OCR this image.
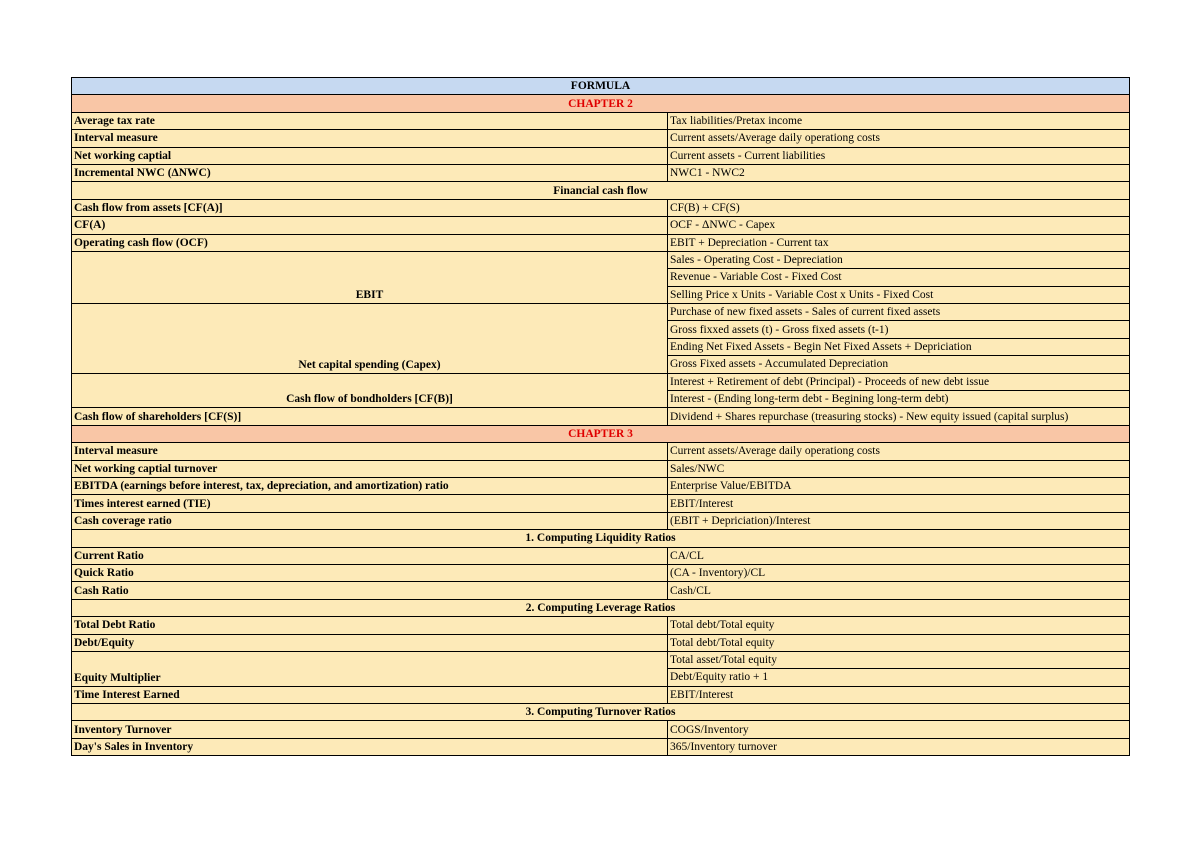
FORMULA	
CHAPTER 2	
Average tax rate	Tax liabilities/Pretax income
Interval measure	Current assets/Average daily operationg costs
Net working captial	Current assets - Current liabilities
Incremental NWC (ΔNWC)	NWC1 - NWC2
Financial cash flow	
Cash flow from assets [CF(A)]	CF(B) + CF(S)
CF(A)	OCF - ΔNWC - Capex
Operating cash flow (OCF)	EBIT + Depreciation - Current tax
EBIT	Sales - Operating Cost - Depreciation
	Revenue - Variable Cost - Fixed Cost
	Selling Price x Units - Variable Cost x Units - Fixed Cost
Net capital spending (Capex)	Purchase of new fixed assets - Sales of current fixed assets
	Gross fixxed assets (t) - Gross fixed assets (t-1)
	Ending Net Fixed Assets - Begin Net Fixed Assets + Depriciation
	Gross Fixed assets - Accumulated Depreciation
Cash flow of bondholders [CF(B)]	Interest + Retirement of debt (Principal) - Proceeds of new debt issue
	Interest - (Ending long-term debt - Begining long-term debt)
Cash flow of shareholders [CF(S)]	Dividend + Shares repurchase (treasuring stocks) - New equity issued (capital surplus)
CHAPTER 3	
Interval measure	Current assets/Average daily operationg costs
Net working captial turnover	Sales/NWC
EBITDA (earnings before interest, tax, depreciation, and amortization) ratio	Enterprise Value/EBITDA
Times interest earned (TIE)	EBIT/Interest
Cash coverage ratio	(EBIT + Depriciation)/Interest
1. Computing Liquidity Ratios	
Current Ratio	CA/CL
Quick Ratio	(CA - Inventory)/CL
Cash Ratio	Cash/CL
2. Computing Leverage Ratios	
Total Debt Ratio	Total debt/Total equity
Debt/Equity	Total debt/Total equity
Equity Multiplier	Total asset/Total equity
	Debt/Equity ratio + 1
Time Interest Earned	EBIT/Interest
3. Computing Turnover Ratios	
Inventory Turnover	COGS/Inventory
Day's Sales in Inventory	365/Inventory turnover
